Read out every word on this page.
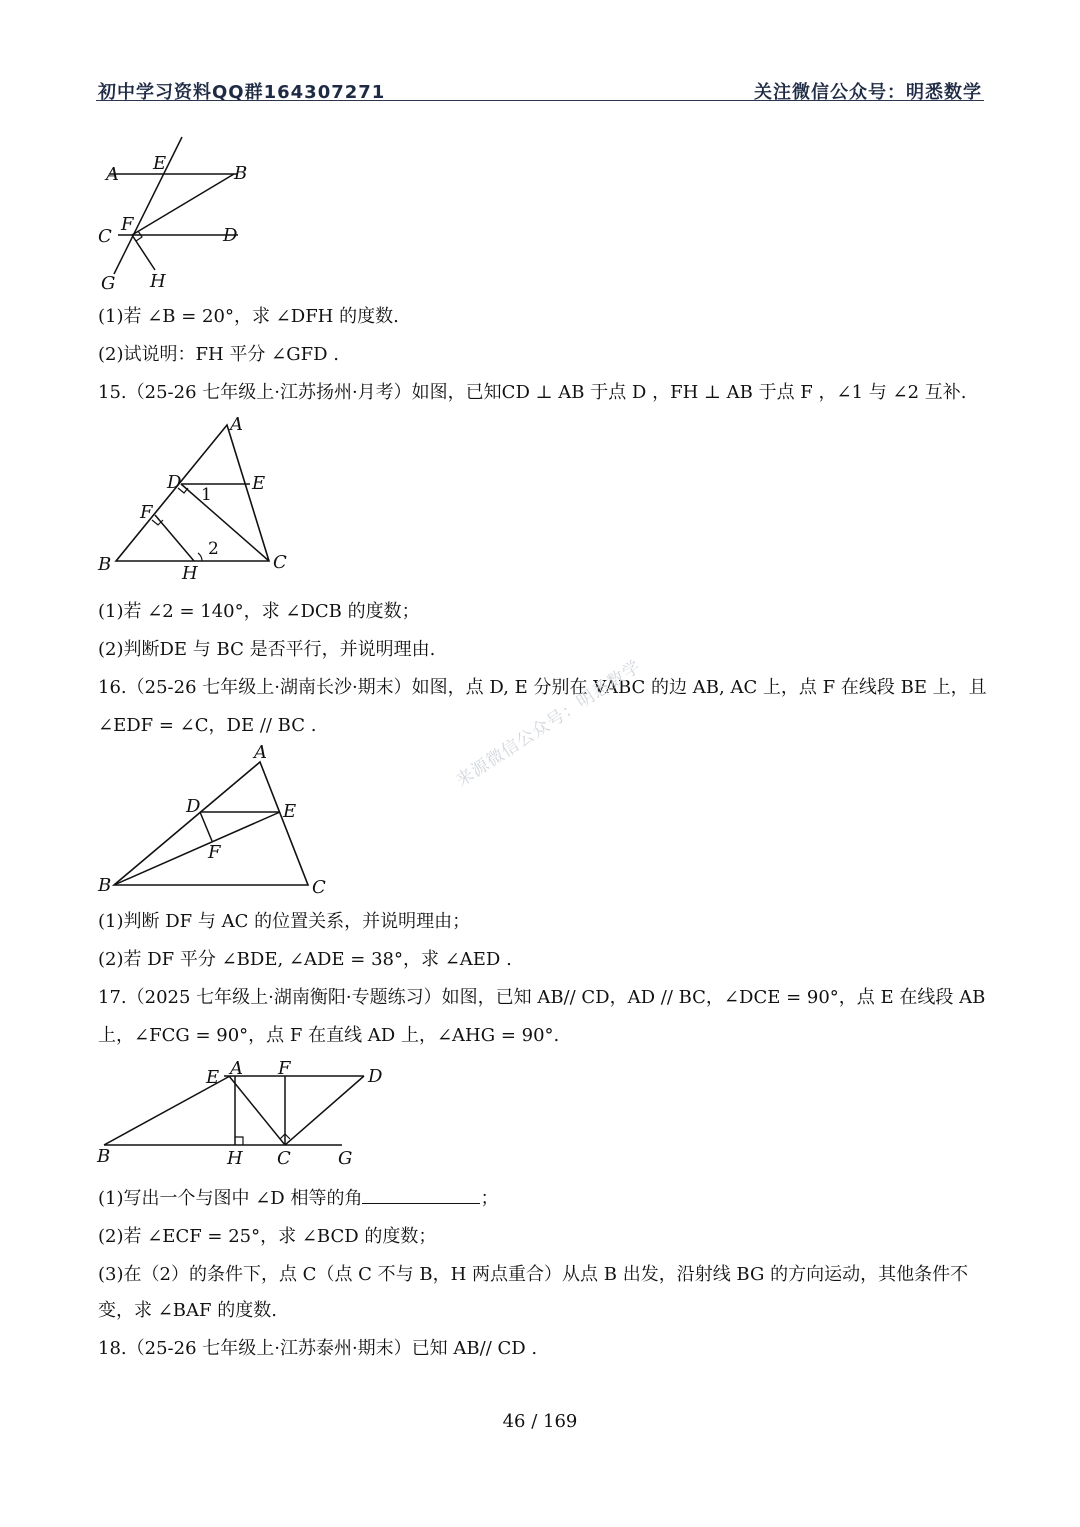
初中学习资料QQ群164307271	关注微信公众号：明悉数学
A
E	B
C
F
D
G H
(1)若 ∠B = 20°，求 ∠DFH 的度数.
(2)试说明：FH 平分 ∠GFD .
15.（25-26 七年级上·江苏扬州·月考）如图，已知CD ⊥ AB 于点 D ，FH ⊥ AB 于点 F ，∠1 与 ∠2 互补.
A
D	E
F
B	H
C
1
2
(1)若 ∠2 = 140°，求 ∠DCB 的度数；
(2)判断DE 与 BC 是否平行，并说明理由.
16.（25-26 七年级上·湖南长沙·期末）如图，点 D, E 分别在 VABC 的边 AB, AC 上，点 F 在线段 BE 上，且
∠EDF = ∠C，DE // BC .
A
D	E
F
B	C
来源微信公众号：明悉数学
(1)判断 DF 与 AC 的位置关系，并说明理由；
(2)若 DF 平分 ∠BDE, ∠ADE = 38°，求 ∠AED .
17.（2025 七年级上·湖南衡阳·专题练习）如图，已知 AB// CD，AD // BC，∠DCE = 90°，点 E 在线段 AB
上，∠FCG = 90°，点 F 在直线 AD 上，∠AHG = 90°.
E A F	D
B	H C	G
(1)写出一个与图中 ∠D 相等的角	；
(2)若 ∠ECF = 25°，求 ∠BCD 的度数；
(3)在（2）的条件下，点 C（点 C 不与 B，H 两点重合）从点 B 出发，沿射线 BG 的方向运动，其他条件不
变，求 ∠BAF 的度数.
18.（25-26 七年级上·江苏泰州·期末）已知 AB// CD .
46 / 169
